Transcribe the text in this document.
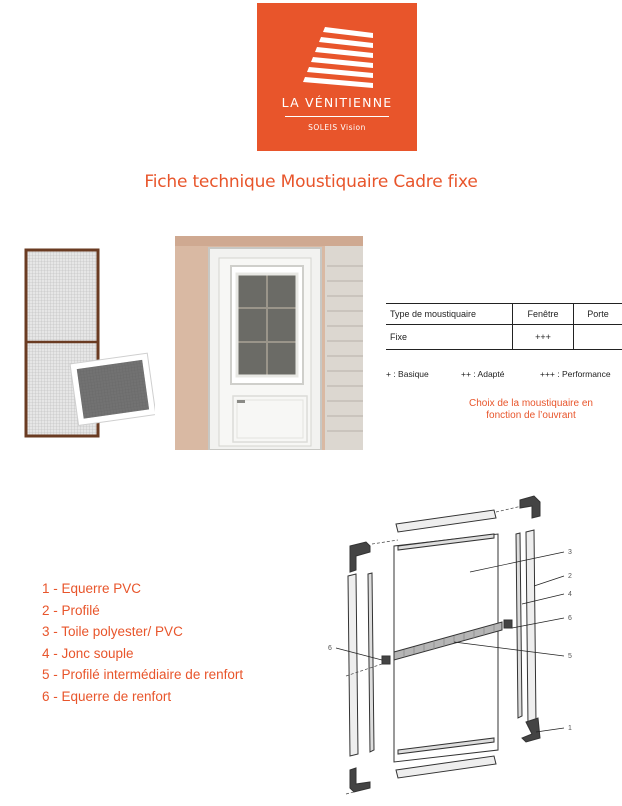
LA VÉNITIENNE
SOLEIS Vision
Fiche technique Moustiquaire Cadre fixe
Type de moustiquaire	Fenêtre	Porte
Fixe	+++	
+ : Basique	++ : Adapté	+++ : Performance
Choix de la moustiquaire en
fonction de l’ouvrant
1 - Equerre PVC
2 - Profilé
3 - Toile polyester/ PVC
4 - Jonc souple
5 - Profilé intermédiaire de renfort
6 - Equerre de renfort
3
2
4
6
5
6
1
